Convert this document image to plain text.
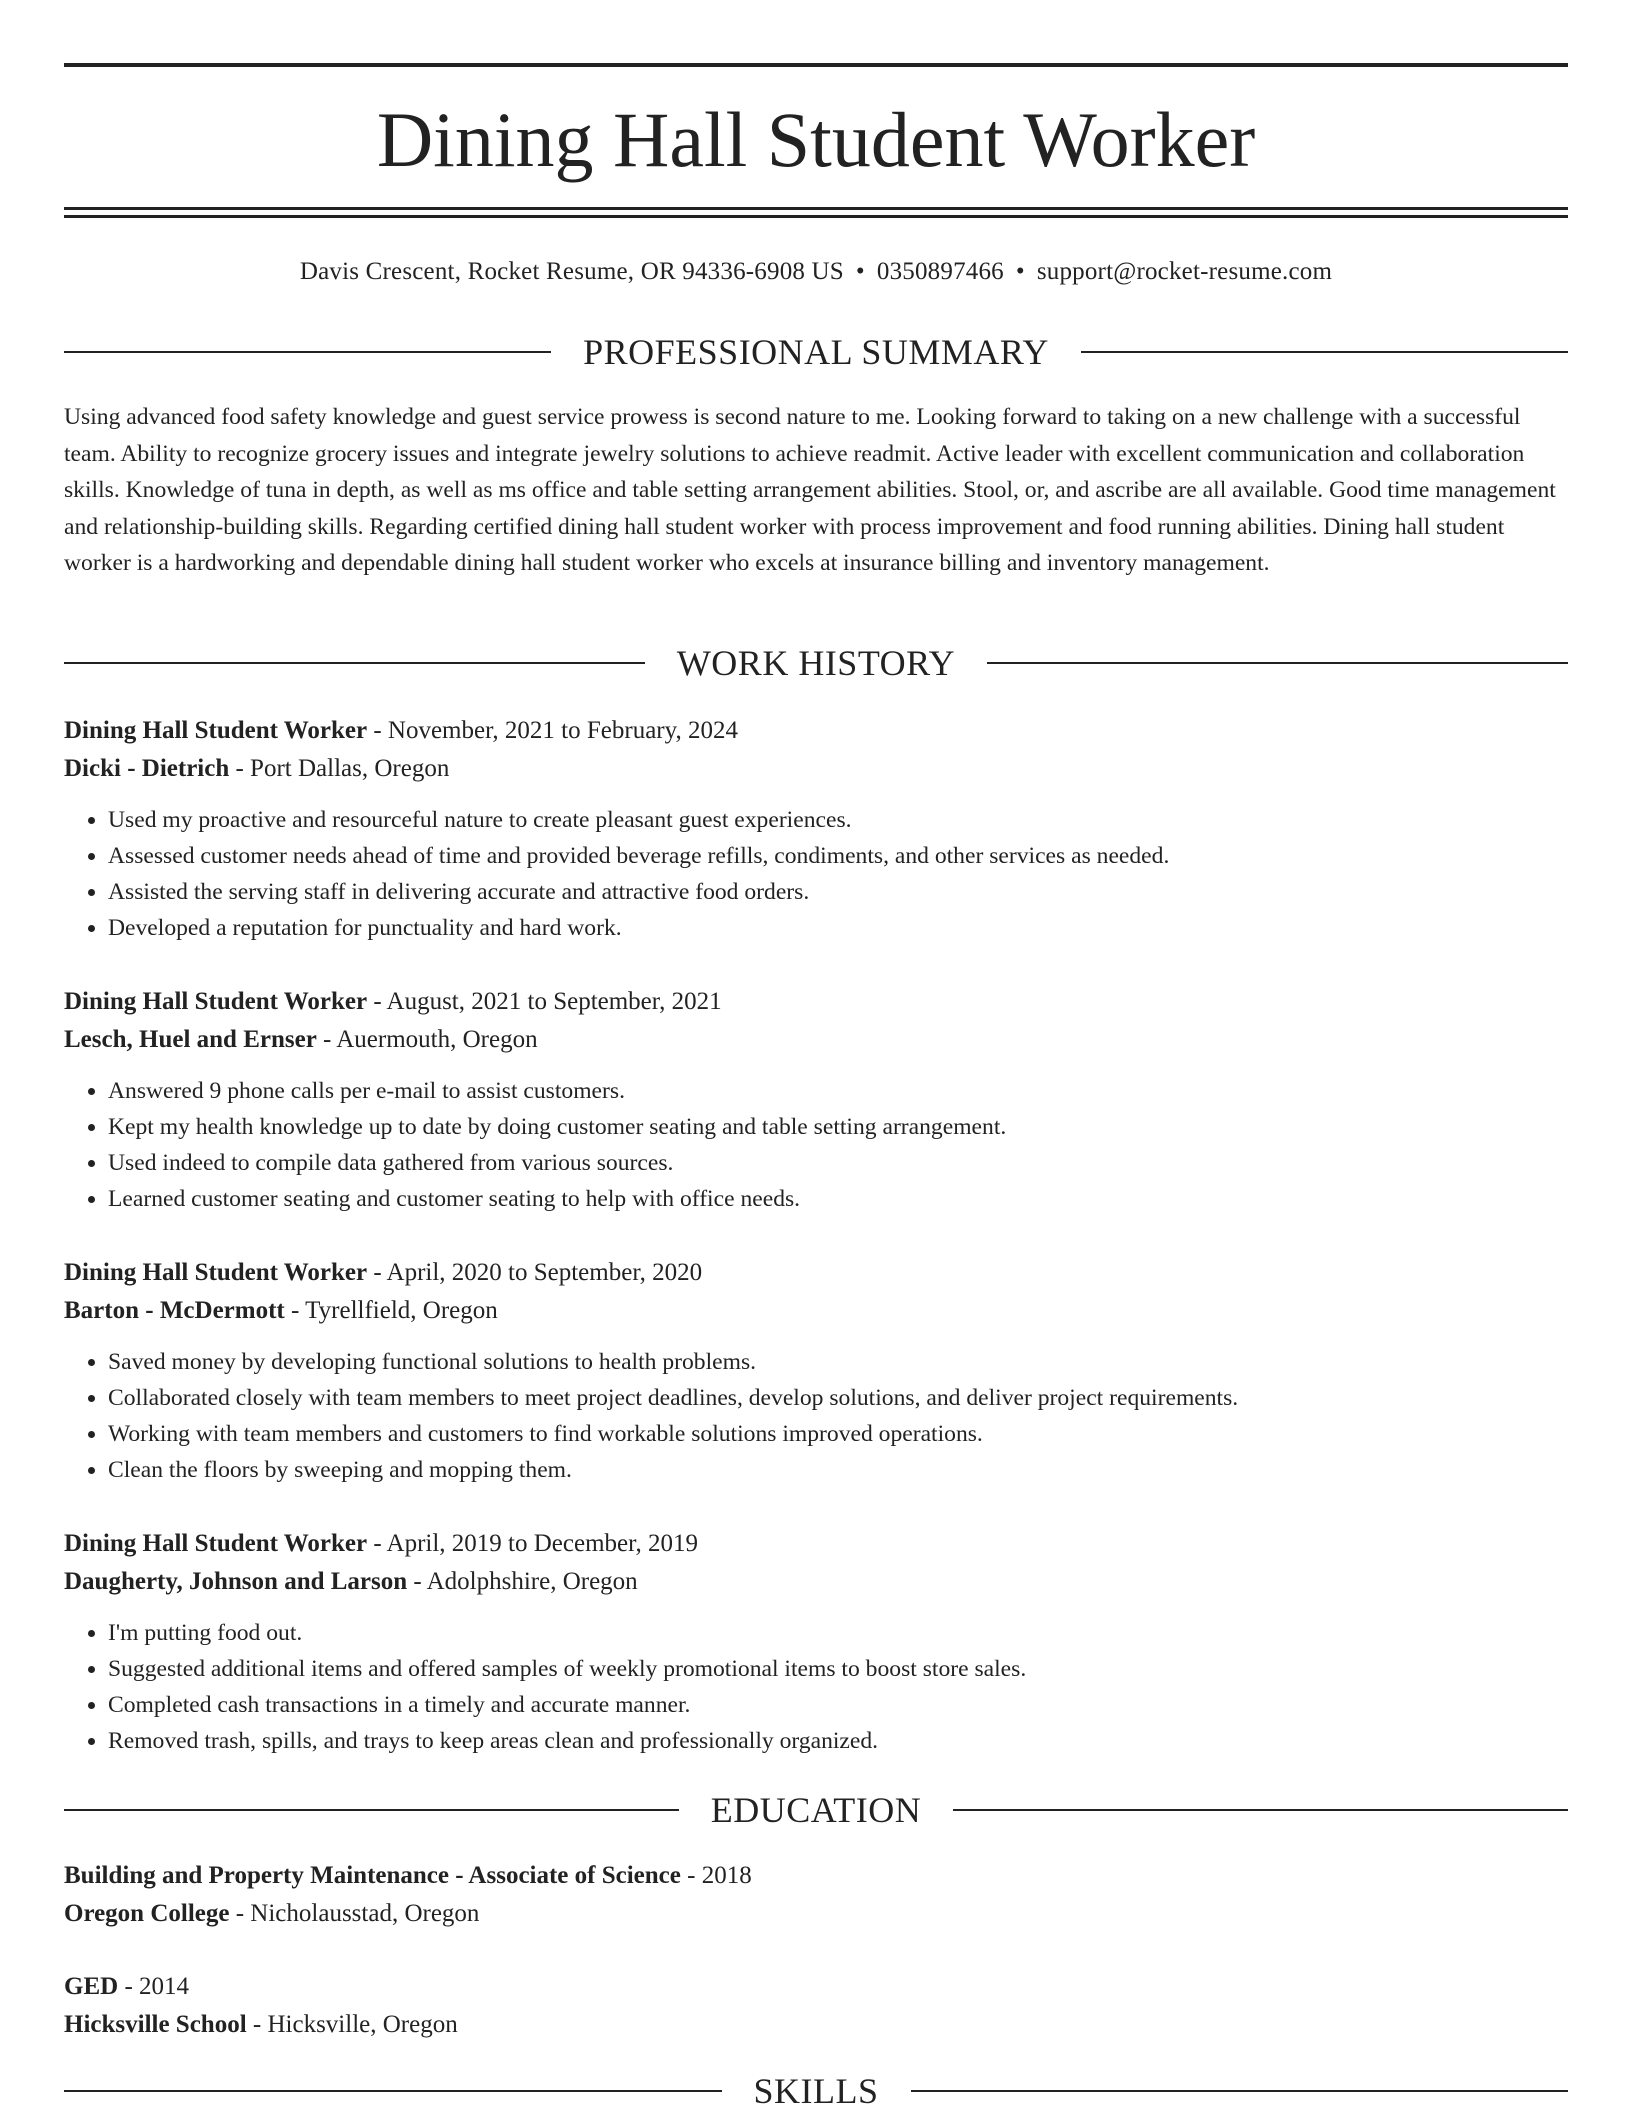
Dining Hall Student Worker
Davis Crescent, Rocket Resume, OR 94336-6908 US • 0350897466 • support@rocket-resume.com
PROFESSIONAL SUMMARY

Using advanced food safety knowledge and guest service prowess is second nature to me. Looking forward to taking on a new challenge with a successful team. Ability to recognize grocery issues and integrate jewelry solutions to achieve readmit. Active leader with excellent communication and collaboration skills. Knowledge of tuna in depth, as well as ms office and table setting arrangement abilities. Stool, or, and ascribe are all available. Good time management and relationship-building skills. Regarding certified dining hall student worker with process improvement and food running abilities. Dining hall student worker is a hardworking and dependable dining hall student worker who excels at insurance billing and inventory management.

WORK HISTORY
Dining Hall Student Worker - November, 2021 to February, 2024
Dicki - Dietrich - Port Dallas, Oregon
• Used my proactive and resourceful nature to create pleasant guest experiences.
• Assessed customer needs ahead of time and provided beverage refills, condiments, and other services as needed.
• Assisted the serving staff in delivering accurate and attractive food orders.
• Developed a reputation for punctuality and hard work.
Dining Hall Student Worker - August, 2021 to September, 2021
Lesch, Huel and Ernser - Auermouth, Oregon
• Answered 9 phone calls per e-mail to assist customers.
• Kept my health knowledge up to date by doing customer seating and table setting arrangement.
• Used indeed to compile data gathered from various sources.
• Learned customer seating and customer seating to help with office needs.
Dining Hall Student Worker - April, 2020 to September, 2020
Barton - McDermott - Tyrellfield, Oregon
• Saved money by developing functional solutions to health problems.
• Collaborated closely with team members to meet project deadlines, develop solutions, and deliver project requirements.
• Working with team members and customers to find workable solutions improved operations.
• Clean the floors by sweeping and mopping them.
Dining Hall Student Worker - April, 2019 to December, 2019
Daugherty, Johnson and Larson - Adolphshire, Oregon
• I'm putting food out.
• Suggested additional items and offered samples of weekly promotional items to boost store sales.
• Completed cash transactions in a timely and accurate manner.
• Removed trash, spills, and trays to keep areas clean and professionally organized.
EDUCATION
Building and Property Maintenance - Associate of Science - 2018
Oregon College - Nicholausstad, Oregon
GED - 2014
Hicksville School - Hicksville, Oregon
SKILLS
